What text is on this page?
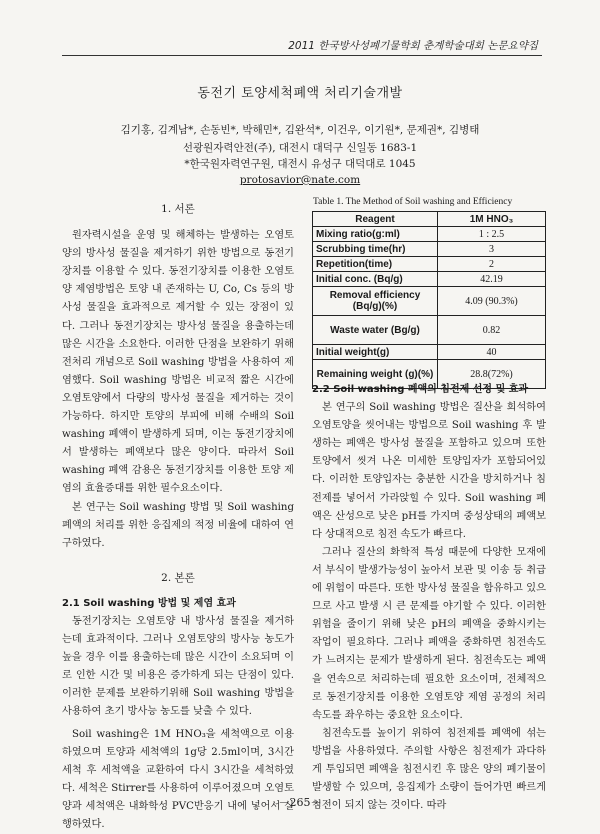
2011 한국방사성폐기물학회 춘계학술대회 논문요약집
동전기 토양세척폐액 처리기술개발
김기홍, 김계남*, 손동빈*, 박해민*, 김완석*, 이건우, 이기원*, 문제권*, 김병태
선광원자력안전(주), 대전시 대덕구 신일동 1683-1
*한국원자력연구원, 대전시 유성구 대덕대로 1045
protosavior@nate.com
1. 서론

원자력시설을 운영 및 해체하는 발생하는 오염토양의 방사성 물질을 제거하기 위한 방법으로 동전기장치를 이용할 수 있다. 동전기장치를 이용한 오염토양 제염방법은 토양 내 존재하는 U, Co, Cs 등의 방사성 물질을 효과적으로 제거할 수 있는 장점이 있다. 그러나 동전기장치는 방사성 물질을 용출하는데 많은 시간을 소요한다. 이러한 단점을 보완하기 위해 전처리 개념으로 Soil washing 방법을 사용하여 제염했다. Soil washing 방법은 비교적 짧은 시간에 오염토양에서 다량의 방사성 물질을 제거하는 것이 가능하다. 하지만 토양의 부피에 비해 수배의 Soil washing 폐액이 발생하게 되며, 이는 동전기장치에서 발생하는 폐액보다 많은 양이다. 따라서 Soil washing 폐액 감용은 동전기장치를 이용한 토양 제염의 효율증대를 위한 필수요소이다.

본 연구는 Soil washing 방법 및 Soil washing 폐액의 처리를 위한 응집제의 적정 비율에 대하여 연구하였다.

2. 본론
2.1 Soil washing 방법 및 제염 효과

동전기장치는 오염토양 내 방사성 물질을 제거하는데 효과적이다. 그러나 오염토양의 방사능 농도가 높을 경우 이를 용출하는데 많은 시간이 소요되며 이로 인한 시간 및 비용은 증가하게 되는 단점이 있다. 이러한 문제를 보완하기위해 Soil washing 방법을 사용하여 초기 방사능 농도를 낮출 수 있다.

Soil washing은 1M HNO₃을 세척액으로 이용하였으며 토양과 세척액의 1g당 2.5ml이며, 3시간 세척 후 세척액을 교환하여 다시 3시간을 세척하였다. 세척은 Stirrer를 사용하여 이루어졌으며 오염토양과 세척액은 내화학성 PVC반응기 내에 넣어서 실행하였다.

Table 1. The Method of Soil washing and Efficiency
Reagent	1M HNO₃
Mixing ratio(g:ml)	1 : 2.5
Scrubbing time(hr)	3
Repetition(time)	2
Initial conc. (Bq/g)	42.19
Removal efficiency (Bq/g)(%)	4.09 (90.3%)
Waste water (Bg/g)	0.82
Initial weight(g)	40
Remaining weight (g)(%)	28.8(72%)
2.2 Soil washing 폐액의 침전제 선정 및 효과

본 연구의 Soil washing 방법은 질산을 희석하여 오염토양을 씻어내는 방법으로 Soil washing 후 발생하는 폐액은 방사성 물질을 포함하고 있으며 또한 토양에서 씻겨 나온 미세한 토양입자가 포함되어있다. 이러한 토양입자는 충분한 시간을 방치하거나 침전제를 넣어서 가라앉힐 수 있다. Soil washing 폐액은 산성으로 낮은 pH를 가지며 중성상태의 폐액보다 상대적으로 침전 속도가 빠르다.

그러나 질산의 화학적 특성 때문에 다양한 모재에서 부식이 발생가능성이 높아서 보관 및 이송 등 취급에 위험이 따른다. 또한 방사성 물질을 함유하고 있으므로 사고 발생 시 큰 문제를 야기할 수 있다. 이러한 위험을 줄이기 위해 낮은 pH의 폐액을 중화시키는 작업이 필요하다. 그러나 폐액을 중화하면 침전속도가 느려지는 문제가 발생하게 된다. 침전속도는 폐액을 연속으로 처리하는데 필요한 요소이며, 전체적으로 동전기장치를 이용한 오염토양 제염 공정의 처리속도를 좌우하는 중요한 요소이다.

침전속도를 높이기 위하여 침전제를 폐액에 섞는 방법을 사용하였다. 주의할 사항은 침전제가 과다하게 투입되면 폐액을 침전시킨 후 많은 양의 폐기물이 발생할 수 있으며, 응집제가 소량이 들어가면 빠르게 침전이 되지 않는 것이다. 따라

－265－
